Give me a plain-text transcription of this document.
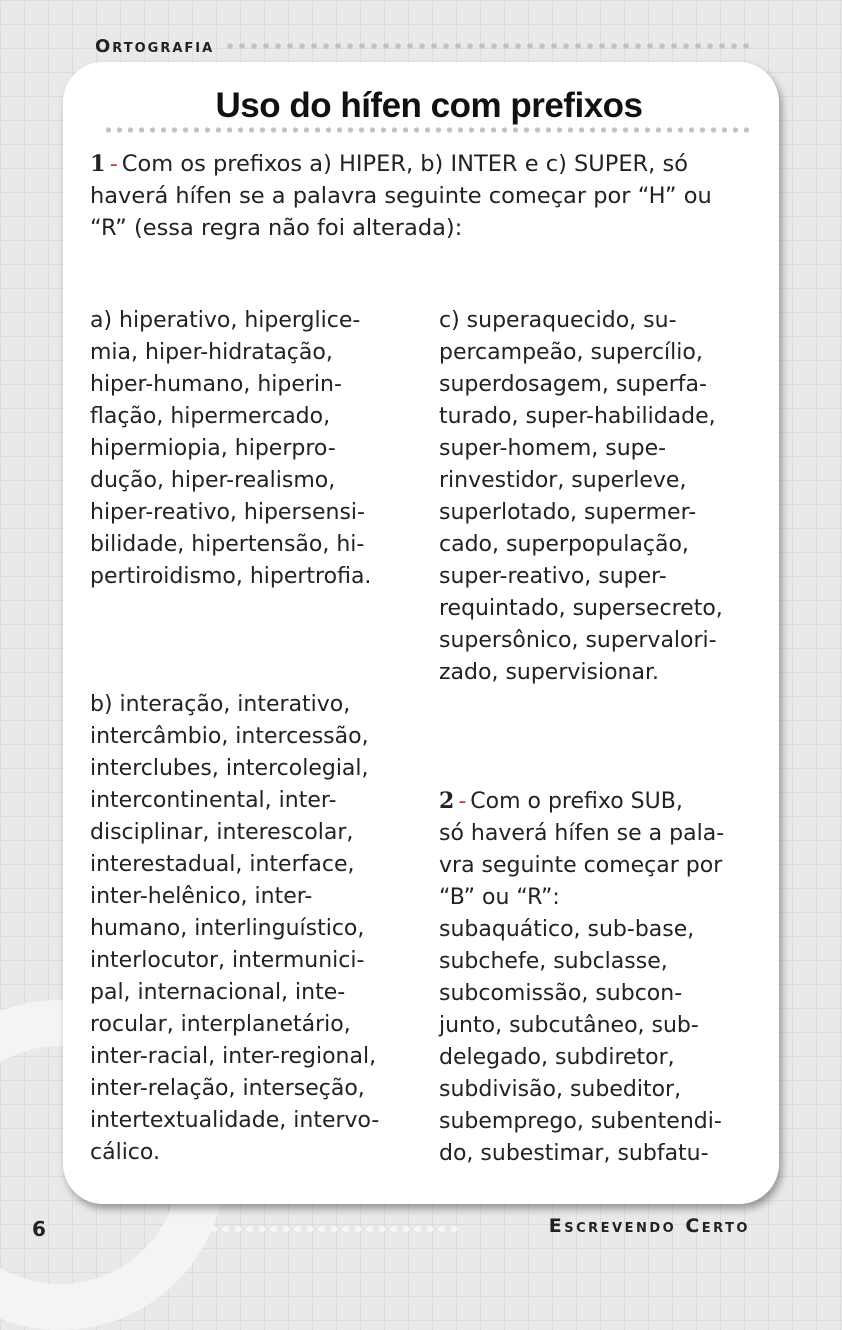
Ortografia
Uso do hífen com prefixos
1 - Com os prefixos a) HIPER, b) INTER e c) SUPER, só haverá hífen se a palavra seguinte começar por “H” ou “R” (essa regra não foi alterada):

a) hiperativo, hiperglice-
mia, hiper-hidratação,
hiper-humano, hiperin-
flação, hipermercado,
hipermiopia, hiperpro-
dução, hiper-realismo,
hiper-reativo, hipersensi-
bilidade, hipertensão, hi-
pertiroidismo, hipertrofia.

b) interação, interativo,
intercâmbio, intercessão,
interclubes, intercolegial,
intercontinental, inter-
disciplinar, interescolar,
interestadual, interface,
inter-helênico, inter-
humano, interlinguístico,
interlocutor, intermunici-
pal, internacional, inte-
rocular, interplanetário,
inter-racial, inter-regional,
inter-relação, interseção,
intertextualidade, intervo-
cálico.

c) superaquecido, su-
percampeão, supercílio,
superdosagem, superfa-
turado, super-habilidade,
super-homem, supe-
rinvestidor, superleve,
superlotado, supermer-
cado, superpopulação,
super-reativo, super-
requintado, supersecreto,
supersônico, supervalori-
zado, supervisionar.

2 - Com o prefixo SUB,
só haverá hífen se a pala-
vra seguinte começar por
“B” ou “R”:
subaquático, sub-base,
subchefe, subclasse,
subcomissão, subcon-
junto, subcutâneo, sub-
delegado, subdiretor,
subdivisão, subeditor,
subemprego, subentendi-
do, subestimar, subfatu-

6	Escrevendo Certo
